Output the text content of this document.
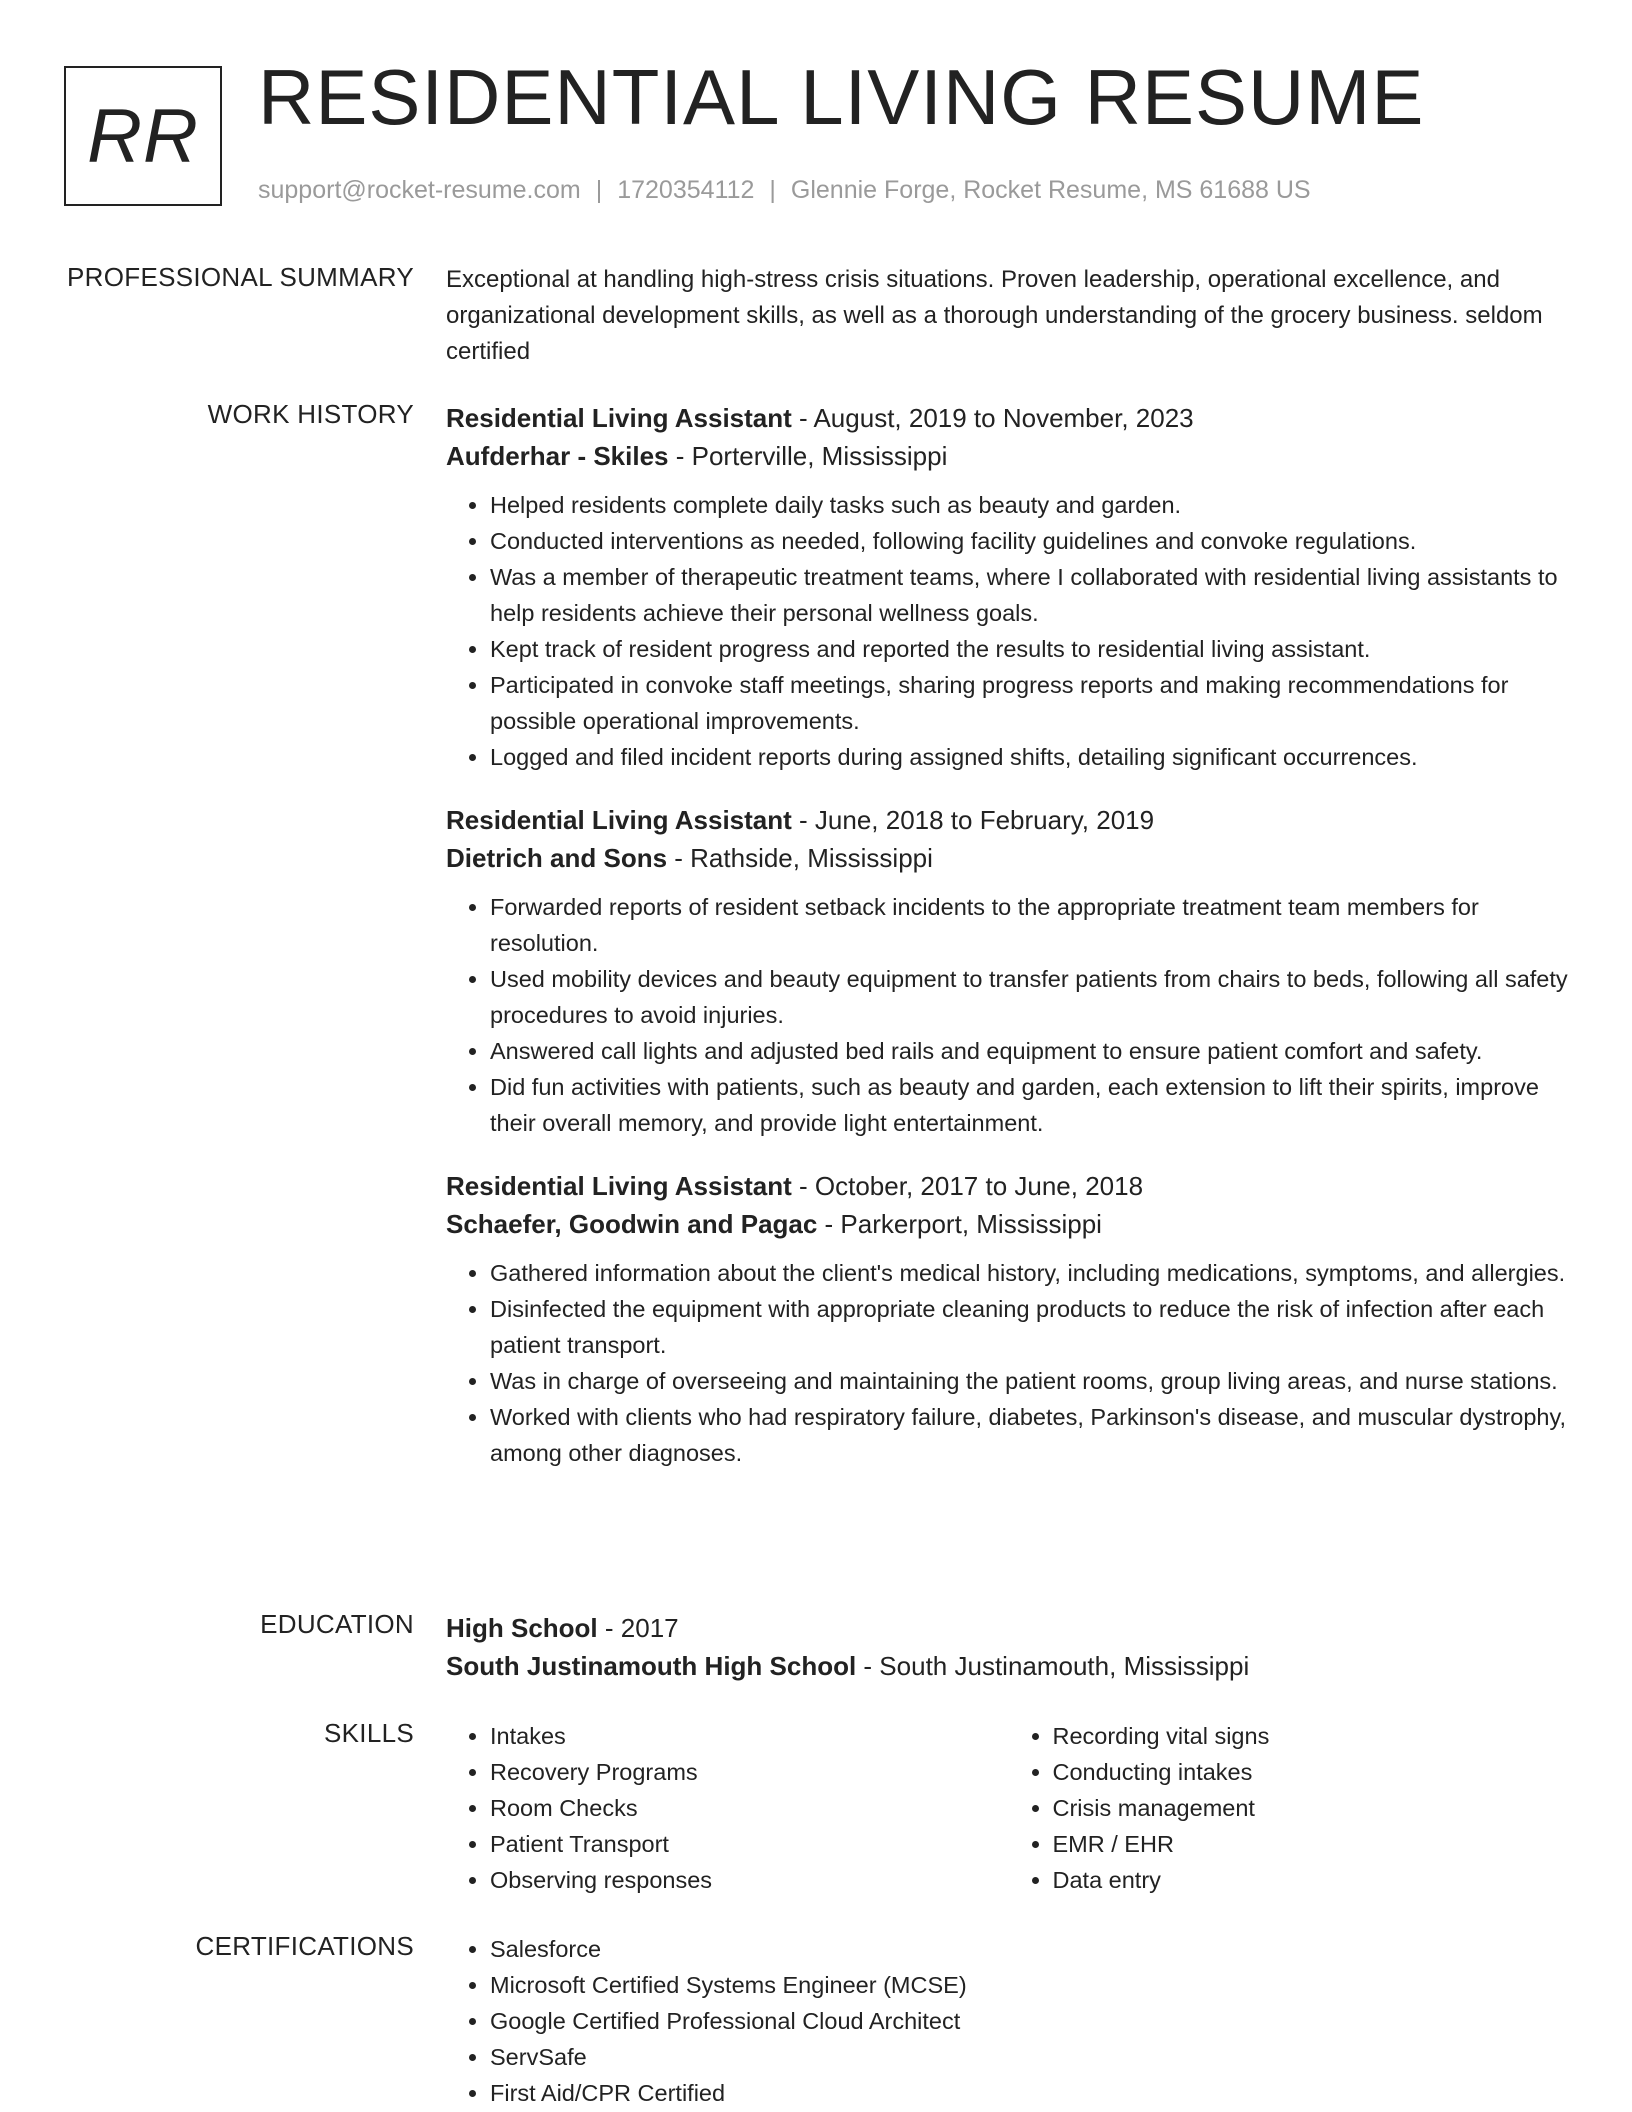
RR RESIDENTIAL LIVING RESUME
support@rocket-resume.com | 1720354112 | Glennie Forge, Rocket Resume, MS 61688 US
PROFESSIONAL SUMMARY Exceptional at handling high-stress crisis situations. Proven leadership, operational excellence, and organizational development skills, as well as a thorough understanding of the grocery business. seldom certified

WORK HISTORY Residential Living Assistant - August, 2019 to November, 2023
Aufderhar - Skiles - Porterville, Mississippi
• Helped residents complete daily tasks such as beauty and garden.
• Conducted interventions as needed, following facility guidelines and convoke regulations.
• Was a member of therapeutic treatment teams, where I collaborated with residential living assistants to help residents achieve their personal wellness goals.
• Kept track of resident progress and reported the results to residential living assistant.
• Participated in convoke staff meetings, sharing progress reports and making recommendations for possible operational improvements.
• Logged and filed incident reports during assigned shifts, detailing significant occurrences.
Residential Living Assistant - June, 2018 to February, 2019
Dietrich and Sons - Rathside, Mississippi
• Forwarded reports of resident setback incidents to the appropriate treatment team members for resolution.
• Used mobility devices and beauty equipment to transfer patients from chairs to beds, following all safety procedures to avoid injuries.
• Answered call lights and adjusted bed rails and equipment to ensure patient comfort and safety.
• Did fun activities with patients, such as beauty and garden, each extension to lift their spirits, improve their overall memory, and provide light entertainment.
Residential Living Assistant - October, 2017 to June, 2018
Schaefer, Goodwin and Pagac - Parkerport, Mississippi
• Gathered information about the client's medical history, including medications, symptoms, and allergies.
• Disinfected the equipment with appropriate cleaning products to reduce the risk of infection after each patient transport.
• Was in charge of overseeing and maintaining the patient rooms, group living areas, and nurse stations.
• Worked with clients who had respiratory failure, diabetes, Parkinson's disease, and muscular dystrophy, among other diagnoses.
EDUCATION High School - 2017
South Justinamouth High School - South Justinamouth, Mississippi
SKILLS	• Intakes
• Recovery Programs
• Room Checks
• Patient Transport
• Observing responses
• Recording vital signs
• Conducting intakes
• Crisis management
• EMR / EHR
• Data entry
CERTIFICATIONS	• Salesforce
• Microsoft Certified Systems Engineer (MCSE)
• Google Certified Professional Cloud Architect
• ServSafe
• First Aid/CPR Certified
